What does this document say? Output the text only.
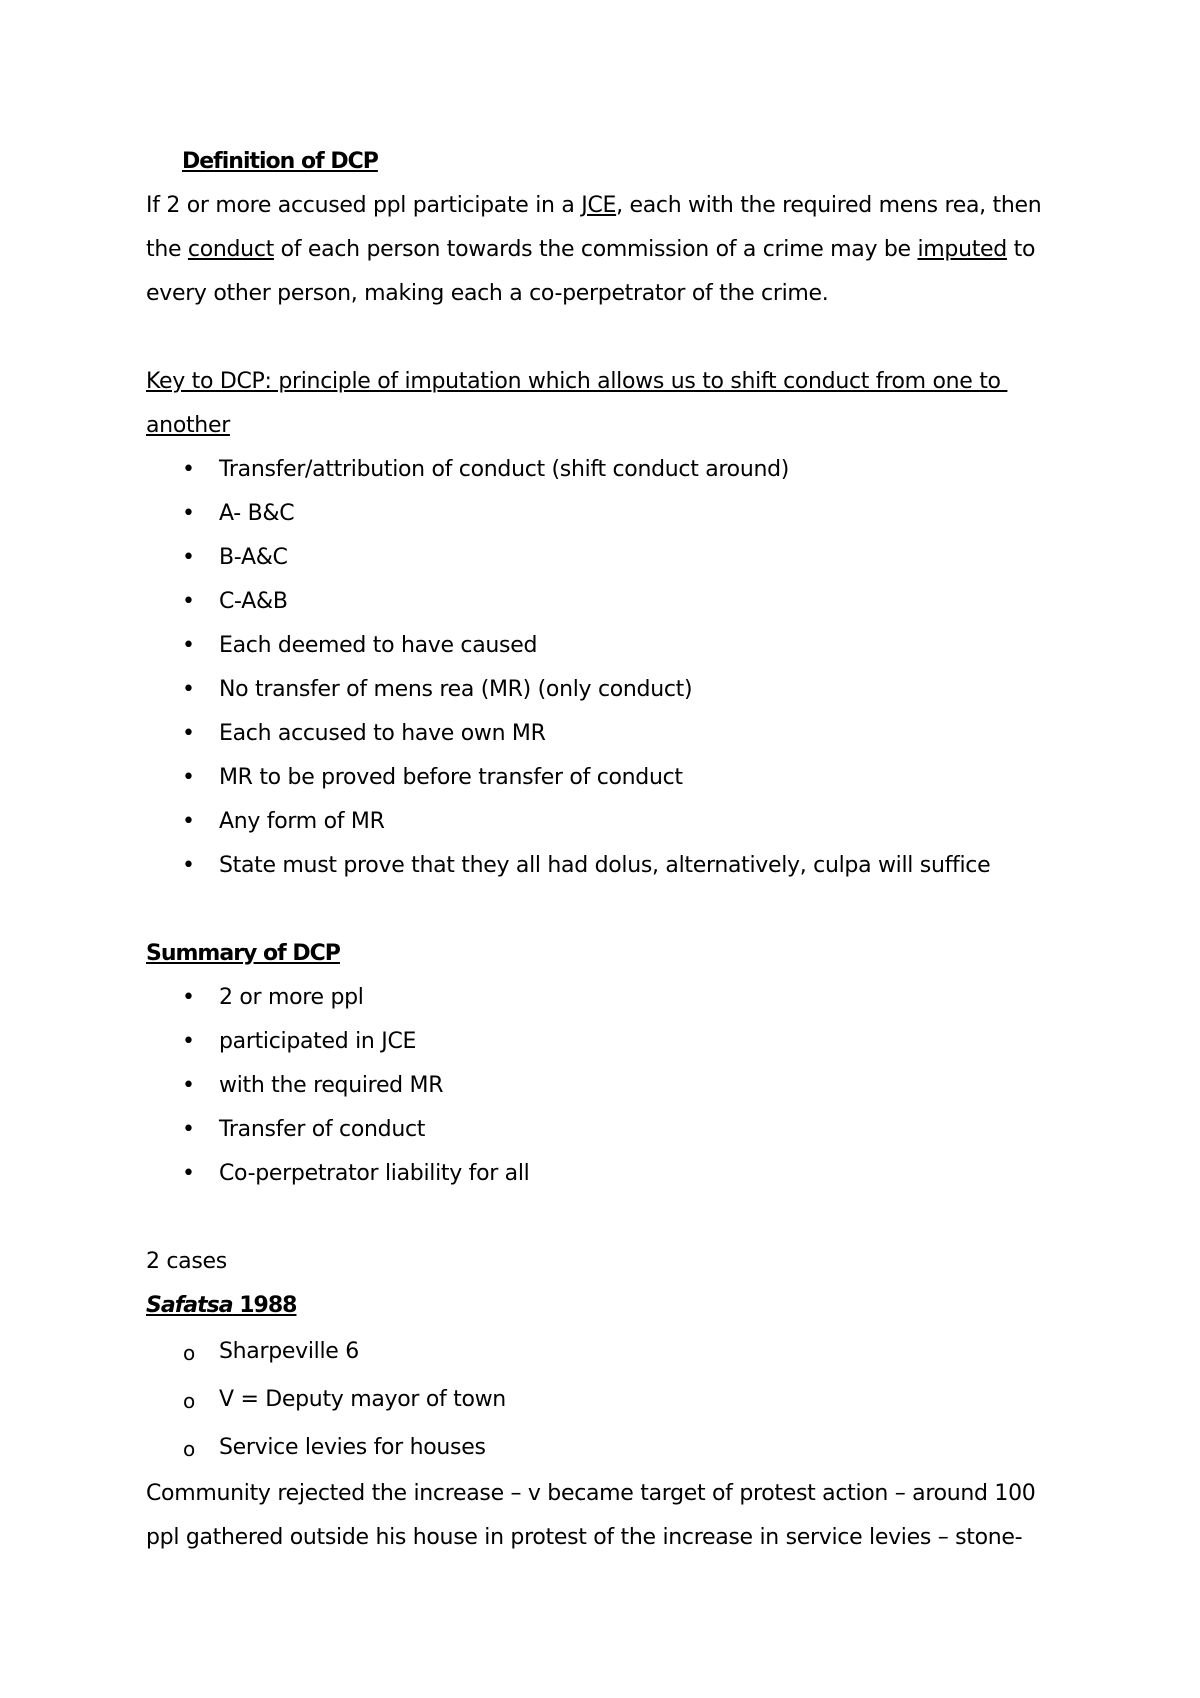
Definition of DCP

If 2 or more accused ppl participate in a JCE, each with the required mens rea, then
the conduct of each person towards the commission of a crime may be imputed to
every other person, making each a co-perpetrator of the crime.

Key to DCP: principle of imputation which allows us to shift conduct from one to
another

• Transfer/attribution of conduct (shift conduct around)
• A- B&C
• B-A&C
• C-A&B
• Each deemed to have caused
• No transfer of mens rea (MR) (only conduct)
• Each accused to have own MR
• MR to be proved before transfer of conduct
• Any form of MR
• State must prove that they all had dolus, alternatively, culpa will suffice

Summary of DCP

• 2 or more ppl
• participated in JCE
• with the required MR
• Transfer of conduct
• Co-perpetrator liability for all

2 cases

Safatsa 1988

o Sharpeville 6
o V = Deputy mayor of town
o Service levies for houses

Community rejected the increase – v became target of protest action – around 100
ppl gathered outside his house in protest of the increase in service levies – stone-
